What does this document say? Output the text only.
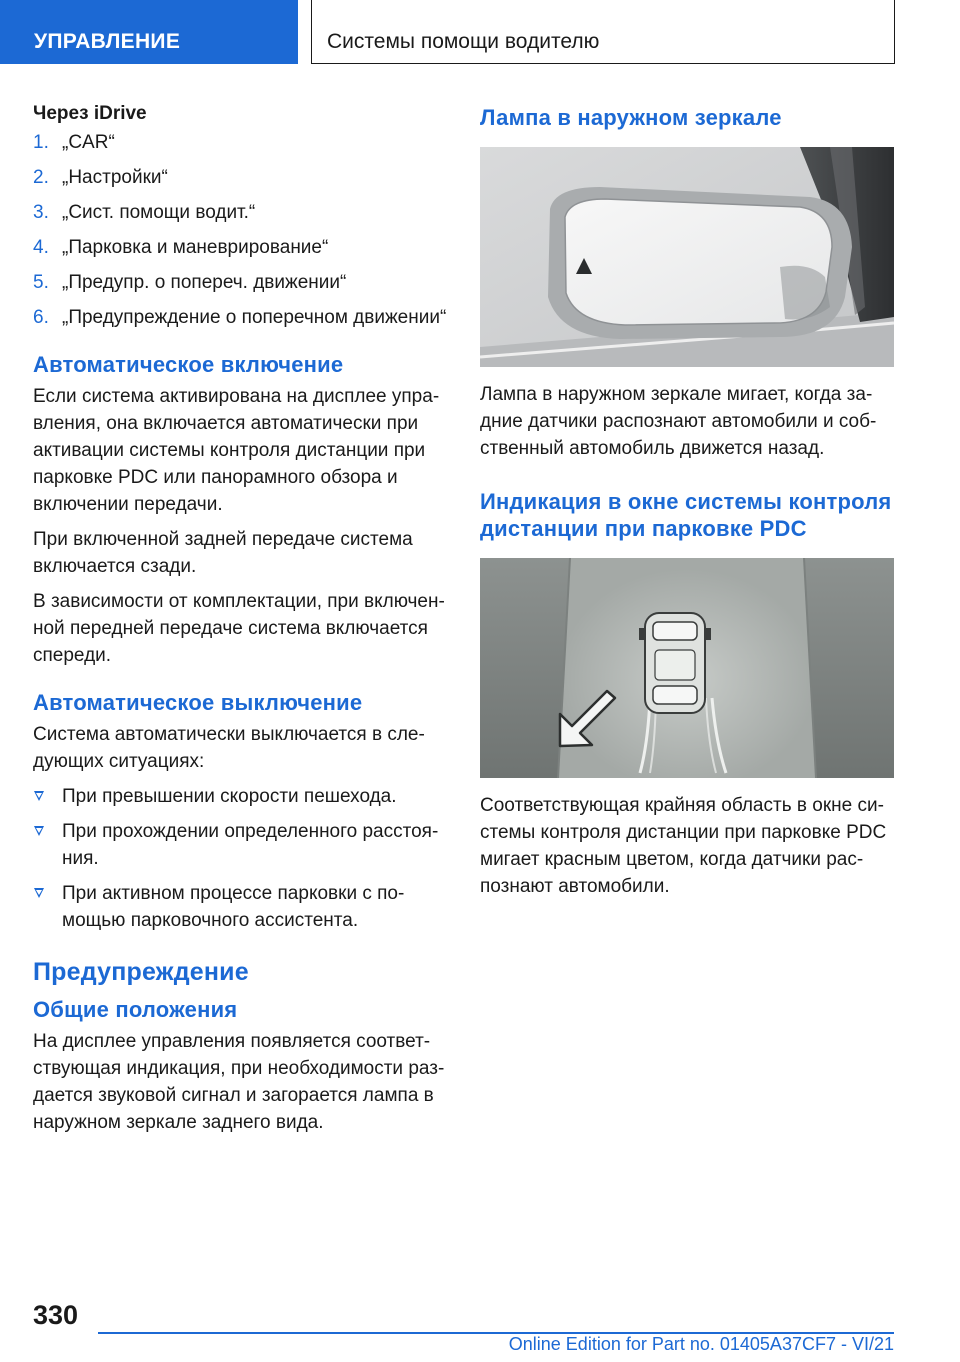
УПРАВЛЕНИЕ	Системы помощи водителю

Через iDrive

1. „CAR“
2. „Настройки“
3. „Сист. помощи водит.“
4. „Парковка и маневрирование“
5. „Предупр. о попереч. движении“
6. „Предупреждение о поперечном движении“
Автоматическое включение

Если система активирована на дисплее управления, она включается автоматически при активации системы контроля дистанции при парковке PDC или панорамного обзора и включении передачи.

При включенной задней передаче система включается сзади.

В зависимости от комплектации, при включенной передней передаче система включается спереди.

Автоматическое выключение

Система автоматически выключается в следующих ситуациях:

При превышении скорости пешехода.
При прохождении определенного расстояния.
При активном процессе парковки с помощью парковочного ассистента.
Предупреждение
Общие положения

На дисплее управления появляется соответствующая индикация, при необходимости раздается звуковой сигнал и загорается лампа в наружном зеркале заднего вида.

Лампа в наружном зеркале

Лампа в наружном зеркале мигает, когда задние датчики распознают автомобили и собственный автомобиль движется назад.

Индикация в окне системы контроля дистанции при парковке PDC

Соответствующая крайняя область в окне системы контроля дистанции при парковке PDC мигает красным цветом, когда датчики распознают автомобили.

330
Online Edition for Part no. 01405A37CF7 - VI/21
